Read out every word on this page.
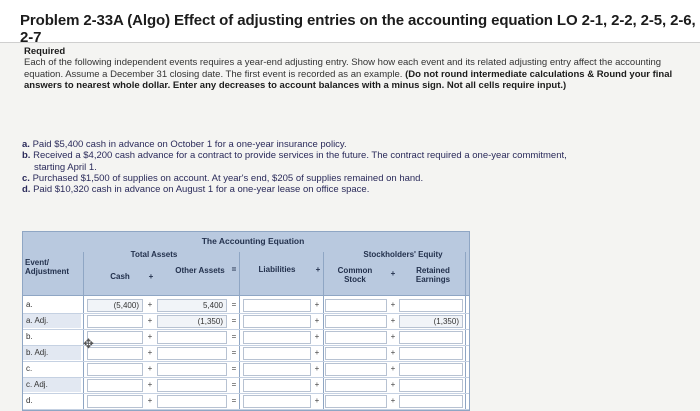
Problem 2-33A (Algo) Effect of adjusting entries on the accounting equation LO 2-1, 2-2, 2-5, 2-6, 2-7
Required
Each of the following independent events requires a year-end adjusting entry. Show how each event and its related adjusting entry affect the accounting equation. Assume a December 31 closing date. The first event is recorded as an example. (Do not round intermediate calculations & Round your final answers to nearest whole dollar. Enter any decreases to account balances with a minus sign. Not all cells require input.)
a. Paid $5,400 cash in advance on October 1 for a one-year insurance policy.
b. Received a $4,200 cash advance for a contract to provide services in the future. The contract required a one-year commitment,
starting April 1.
c. Purchased $1,500 of supplies on account. At year's end, $205 of supplies remained on hand.
d. Paid $10,320 cash in advance on August 1 for a one-year lease on office space.
The Accounting Equation
Total Assets	Stockholders' Equity
Event/ Adjustment
Cash	+
Other Assets =	Liabilities	+	Common Stock
+	Retained Earnings
a.	(5,400)	+	5,400	=	+	+
a. Adj.	+	(1,350)	=	+	+	(1,350)
b.	+	=	+	+
b. Adj.	+	=	+	+
c.	+	=	+	+
c. Adj.	+	=	+	+
d.	+	=	+	+
✥
